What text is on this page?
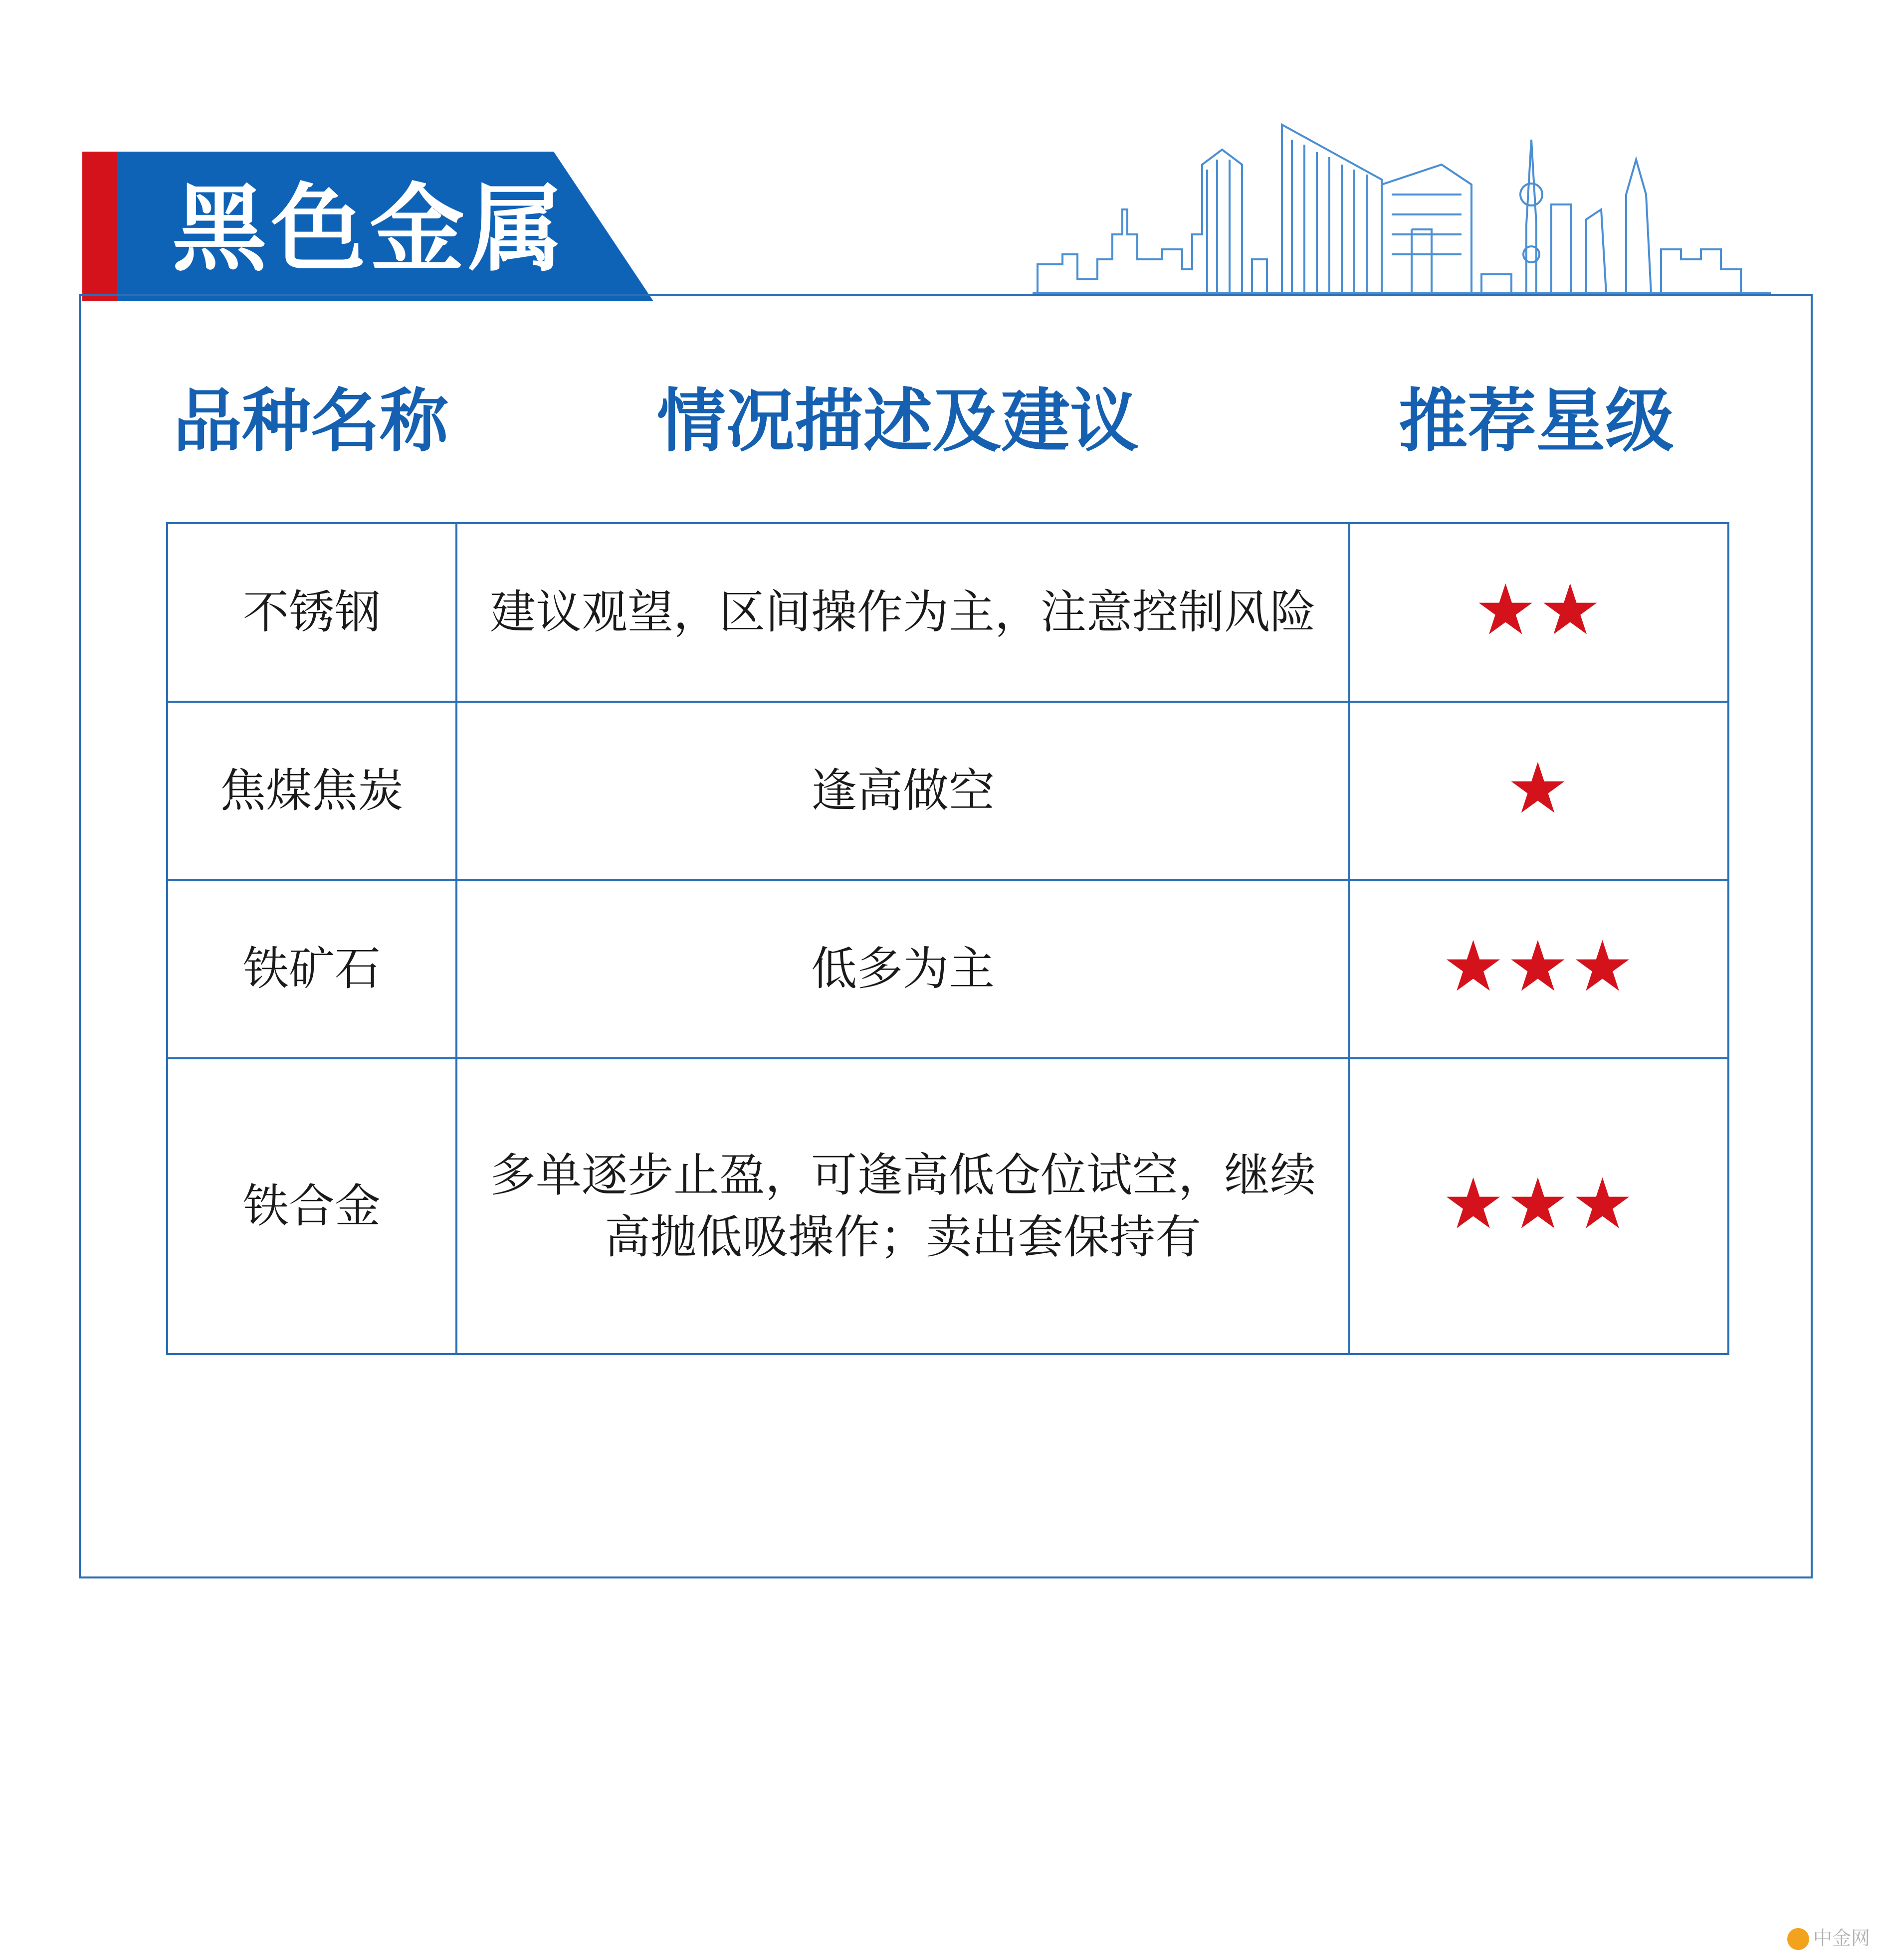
黑色金属
品种名称	情况描述及建议	推荐星级
不锈钢	建议观望，区间操作为主，注意控制风险	★★
焦煤焦炭	逢高做空	★
铁矿石	低多为主	★★★
铁合金	多单逐步止盈，可逢高低仓位试空，继续高抛低吸操作；卖出套保持有	★★★
中金网
